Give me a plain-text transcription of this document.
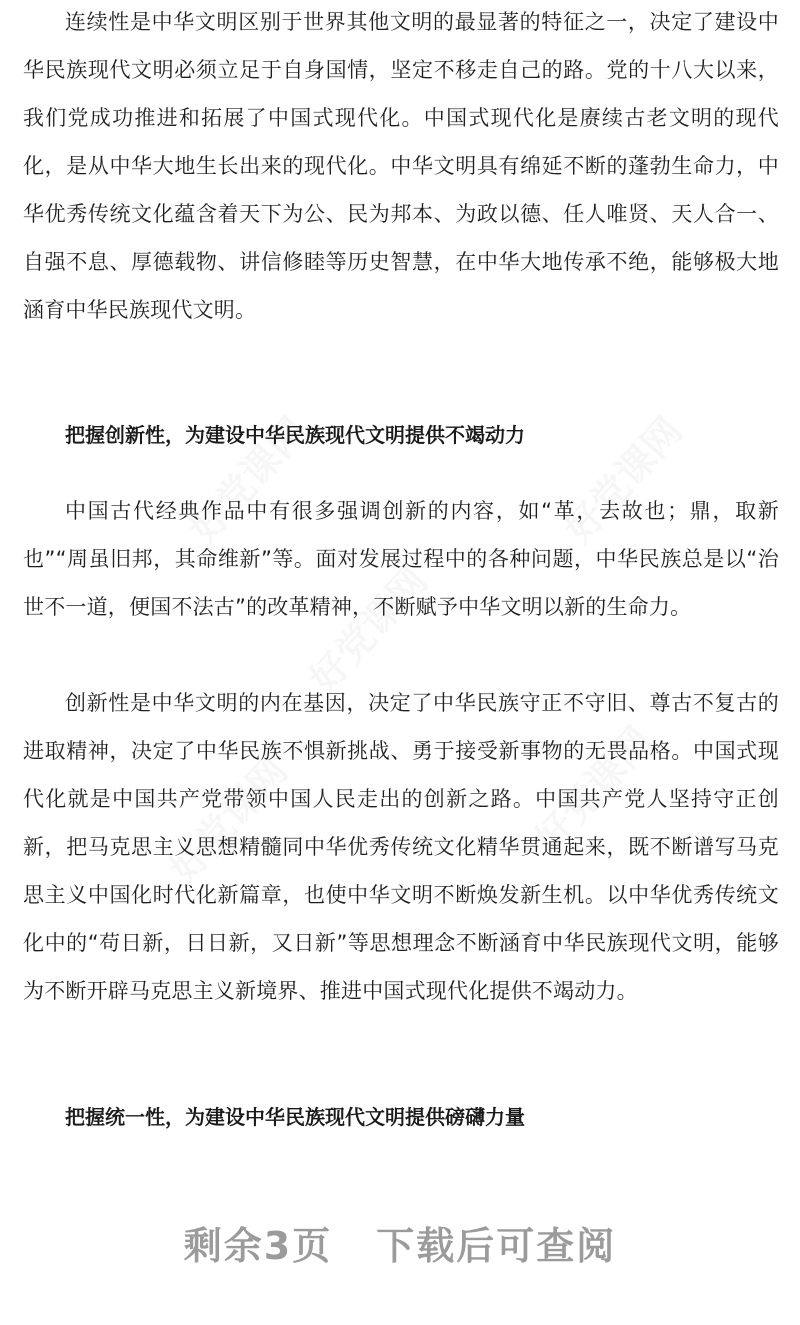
连续性是中华文明区别于世界其他文明的最显著的特征之一，决定了建设中华民族现代文明必须立足于自身国情，坚定不移走自己的路。党的十八大以来，我们党成功推进和拓展了中国式现代化。中国式现代化是赓续古老文明的现代化，是从中华大地生长出来的现代化。中华文明具有绵延不断的蓬勃生命力，中华优秀传统文化蕴含着天下为公、民为邦本、为政以德、任人唯贤、天人合一、自强不息、厚德载物、讲信修睦等历史智慧，在中华大地传承不绝，能够极大地涵育中华民族现代文明。

把握创新性，为建设中华民族现代文明提供不竭动力

中国古代经典作品中有很多强调创新的内容，如“革，去故也；鼎，取新也”“周虽旧邦，其命维新”等。面对发展过程中的各种问题，中华民族总是以“治世不一道，便国不法古”的改革精神，不断赋予中华文明以新的生命力。

创新性是中华文明的内在基因，决定了中华民族守正不守旧、尊古不复古的进取精神，决定了中华民族不惧新挑战、勇于接受新事物的无畏品格。中国式现代化就是中国共产党带领中国人民走出的创新之路。中国共产党人坚持守正创新，把马克思主义思想精髓同中华优秀传统文化精华贯通起来，既不断谱写马克思主义中国化时代化新篇章，也使中华文明不断焕发新生机。以中华优秀传统文化中的“苟日新，日日新，又日新”等思想理念不断涵育中华民族现代文明，能够为不断开辟马克思主义新境界、推进中国式现代化提供不竭动力。

把握统一性，为建设中华民族现代文明提供磅礴力量
剩余3页 下载后可查阅
